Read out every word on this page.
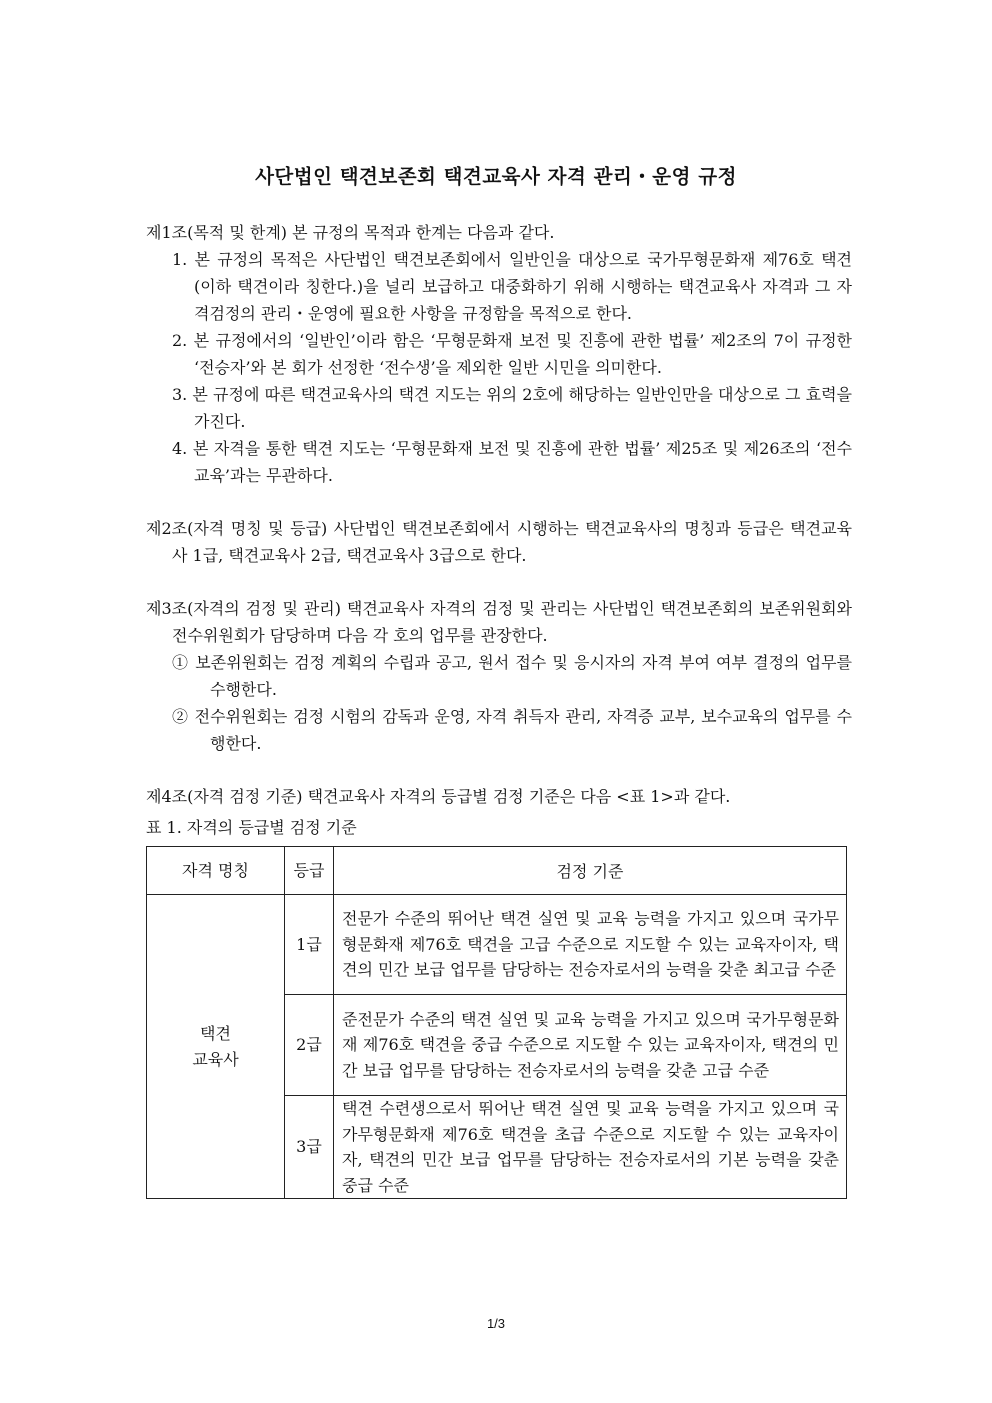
사단법인 택견보존회 택견교육사 자격 관리・운영 규정

제1조(목적 및 한계) 본 규정의 목적과 한계는 다음과 같다.

1. 본 규정의 목적은 사단법인 택견보존회에서 일반인을 대상으로 국가무형문화재 제76호 택견(이하 택견이라 칭한다.)을 널리 보급하고 대중화하기 위해 시행하는 택견교육사 자격과 그 자격검정의 관리・운영에 필요한 사항을 규정함을 목적으로 한다.

2. 본 규정에서의 ‘일반인’이라 함은 ‘무형문화재 보전 및 진흥에 관한 법률’ 제2조의 7이 규정한 ‘전승자’와 본 회가 선정한 ‘전수생’을 제외한 일반 시민을 의미한다.

3. 본 규정에 따른 택견교육사의 택견 지도는 위의 2호에 해당하는 일반인만을 대상으로 그 효력을 가진다.

4. 본 자격을 통한 택견 지도는 ‘무형문화재 보전 및 진흥에 관한 법률’ 제25조 및 제26조의 ‘전수교육’과는 무관하다.

제2조(자격 명칭 및 등급) 사단법인 택견보존회에서 시행하는 택견교육사의 명칭과 등급은 택견교육사 1급, 택견교육사 2급, 택견교육사 3급으로 한다.

제3조(자격의 검정 및 관리) 택견교육사 자격의 검정 및 관리는 사단법인 택견보존회의 보존위원회와 전수위원회가 담당하며 다음 각 호의 업무를 관장한다.

① 보존위원회는 검정 계획의 수립과 공고, 원서 접수 및 응시자의 자격 부여 여부 결정의 업무를 수행한다.

② 전수위원회는 검정 시험의 감독과 운영, 자격 취득자 관리, 자격증 교부, 보수교육의 업무를 수행한다.

제4조(자격 검정 기준) 택견교육사 자격의 등급별 검정 기준은 다음 <표 1>과 같다.

표 1. 자격의 등급별 검정 기준

자격 명칭	등급	검정 기준

택견
교육사	1급	전문가 수준의 뛰어난 택견 실연 및 교육 능력을 가지고 있으며 국가무형문화재 제76호 택견을 고급 수준으로 지도할 수 있는 교육자이자, 택견의 민간 보급 업무를 담당하는 전승자로서의 능력을 갖춘 최고급 수준

	2급	준전문가 수준의 택견 실연 및 교육 능력을 가지고 있으며 국가무형문화재 제76호 택견을 중급 수준으로 지도할 수 있는 교육자이자, 택견의 민간 보급 업무를 담당하는 전승자로서의 능력을 갖춘 고급 수준

	3급	택견 수련생으로서 뛰어난 택견 실연 및 교육 능력을 가지고 있으며 국가무형문화재 제76호 택견을 초급 수준으로 지도할 수 있는 교육자이자, 택견의 민간 보급 업무를 담당하는 전승자로서의 기본 능력을 갖춘 중급 수준
1/3
